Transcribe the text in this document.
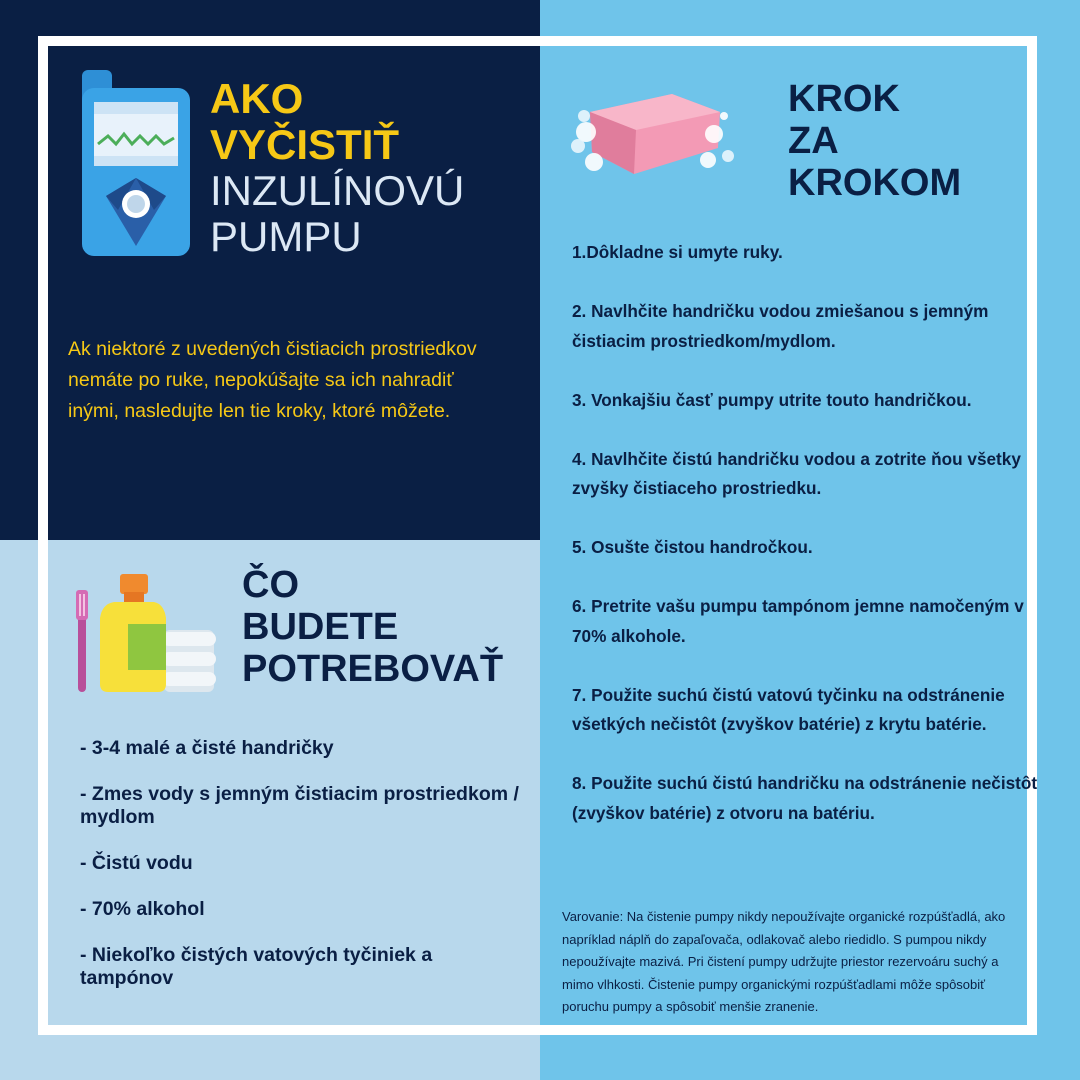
AKO
VYČISTIŤ
INZULÍNOVÚ
PUMPU
Ak niektoré z uvedených čistiacich prostriedkov nemáte po ruke, nepokúšajte sa ich nahradiť inými, nasledujte len tie kroky, ktoré môžete.
KROK
ZA
KROKOM

1.Dôkladne si umyte ruky.

2. Navlhčite handričku vodou zmiešanou s jemným čistiacim prostriedkom/mydlom.

3. Vonkajšiu časť pumpy utrite touto handričkou.

4. Navlhčite čistú handričku vodou a zotrite ňou všetky zvyšky čistiaceho prostriedku.

5. Osušte čistou handročkou.

6. Pretrite vašu pumpu tampónom jemne namočeným v 70% alkohole.

7. Použite suchú čistú vatovú tyčinku na odstránenie všetkých nečistôt (zvyškov batérie) z krytu batérie.

8. Použite suchú čistú handričku na odstránenie nečistôt (zvyškov batérie) z otvoru na batériu.

Varovanie: Na čistenie pumpy nikdy nepoužívajte organické rozpúšťadlá, ako napríklad náplň do zapaľovača, odlakovač alebo riedidlo. S pumpou nikdy nepoužívajte mazivá. Pri čistení pumpy udržujte priestor rezervoáru suchý a mimo vlhkosti. Čistenie pumpy organickými rozpúšťadlami môže spôsobiť poruchu pumpy a spôsobiť menšie zranenie.
ČO
BUDETE
POTREBOVAŤ

- 3-4 malé a čisté handričky

- Zmes vody s jemným čistiacim prostriedkom / mydlom

- Čistú vodu

- 70% alkohol

- Niekoľko čistých vatových tyčiniek a tampónov
